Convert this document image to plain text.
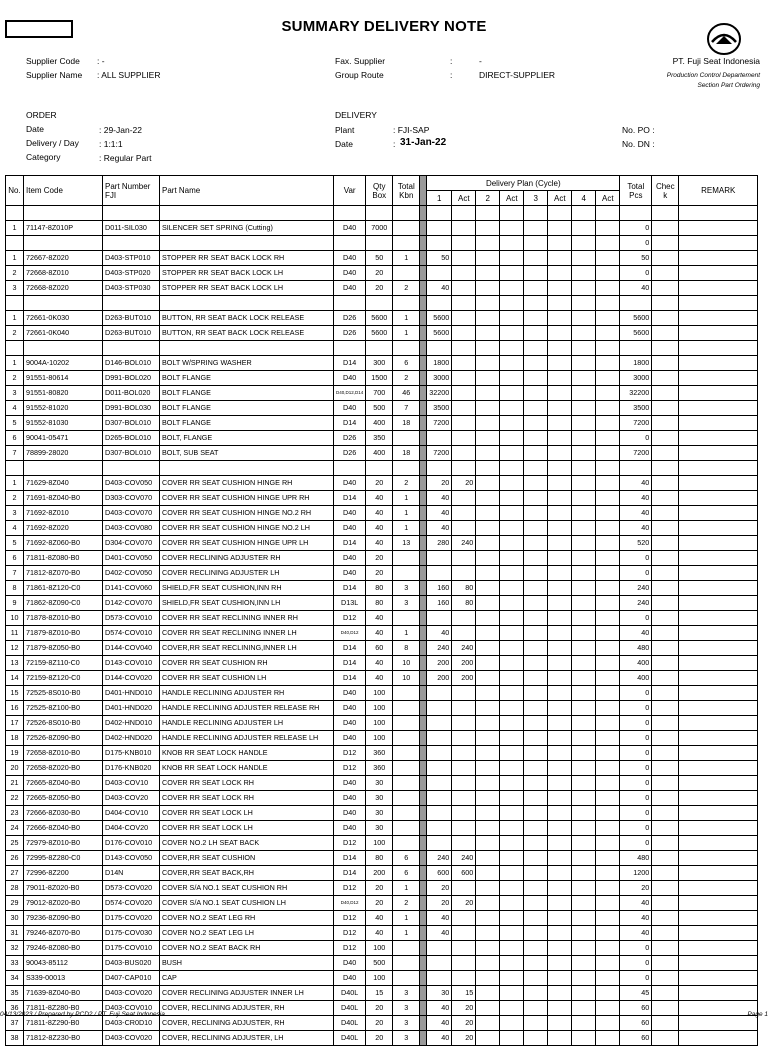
SUMMARY DELIVERY NOTE
PT. Fuji Seat Indonesia
Production Control Departement
Section Part Ordering
Supplier Code : -
Supplier Name : ALL SUPPLIER
Fax. Supplier	:	-
Group Route	:	DIRECT-SUPPLIER
ORDER
Date	: 29-Jan-22
Delivery / Day : 1:1:1
Category	: Regular Part
DELIVERY
Plant	: FJI-SAP
Date	: 31-Jan-22
No. PO :
No. DN :
No.	Item Code	Part Number FJI	Part Name	Var	Qty Box	Total Kbn		Delivery Plan (Cycle)								Total Pcs	Chec k	REMARK
								1	Act	2	Act	3	Act	4	Act			

1	71147-8Z010P	D011-SIL030	SILENCER SET SPRING (Cutting)	D40	7000											0		
																0		
1	72667-8Z020	D403-STP010	STOPPER RR SEAT BACK LOCK RH	D40	50	1		50								50		
2	72668-8Z010	D403-STP020	STOPPER RR SEAT BACK LOCK LH	D40	20											0		
3	72668-8Z020	D403-STP030	STOPPER RR SEAT BACK LOCK LH	D40	20	2		40								40		

1	72661-0K030	D263-BUT010	BUTTON, RR SEAT BACK LOCK RELEASE	D26	5600	1		5600								5600		
2	72661-0K040	D263-BUT010	BUTTON, RR SEAT BACK LOCK RELEASE	D26	5600	1		5600								5600		

1	9004A-10202	D146-BOL010	BOLT W/SPRING WASHER	D14	300	6		1800								1800		
2	91551-80614	D991-BOL020	BOLT FLANGE	D40	1500	2		3000								3000		
3	91551-80820	D011-BOL020	BOLT FLANGE	D40,D12,D14	700	46		32200								32200		
4	91552-81020	D991-BOL030	BOLT FLANGE	D40	500	7		3500								3500		
5	91552-81030	D307-BOL010	BOLT FLANGE	D14	400	18		7200								7200		
6	90041-05471	D265-BOL010	BOLT, FLANGE	D26	350											0		
7	78899-28020	D307-BOL010	BOLT, SUB SEAT	D26	400	18		7200								7200		

1	71629-8Z040	D403-COV050	COVER RR SEAT CUSHION HINGE RH	D40	20	2		20	20							40		
2	71691-8Z040-B0	D303-COV070	COVER RR SEAT CUSHION HINGE UPR RH	D14	40	1		40								40		
3	71692-8Z010	D403-COV070	COVER RR SEAT CUSHION HINGE NO.2 RH	D40	40	1		40								40		
4	71692-8Z020	D403-COV080	COVER RR SEAT CUSHION HINGE NO.2 LH	D40	40	1		40								40		
5	71692-8Z060-B0	D304-COV070	COVER RR SEAT CUSHION HINGE UPR LH	D14	40	13		280	240							520		
6	71811-8Z080-B0	D401-COV050	COVER RECLINING ADJUSTER RH	D40	20											0		
7	71812-8Z070-B0	D402-COV050	COVER RECLINING ADJUSTER LH	D40	20											0		
8	71861-8Z120-C0	D141-COV060	SHIELD,FR SEAT CUSHION,INN RH	D14	80	3		160	80							240		
9	71862-8Z090-C0	D142-COV070	SHIELD,FR SEAT CUSHION,INN LH	D13L	80	3		160	80							240		
10	71878-8Z010-B0	D573-COV010	COVER RR SEAT RECLINING INNER RH	D12	40											0		
11	71879-8Z010-B0	D574-COV010	COVER RR SEAT RECLINING INNER LH	D40,D12	40	1		40								40		
12	71879-8Z050-B0	D144-COV040	COVER,RR SEAT RECLINING,INNER LH	D14	60	8		240	240							480		
13	72159-8Z110-C0	D143-COV010	COVER RR SEAT CUSHION RH	D14	40	10		200	200							400		
14	72159-8Z120-C0	D144-COV020	COVER RR SEAT CUSHION LH	D14	40	10		200	200							400		
15	72525-8S010-B0	D401-HND010	HANDLE RECLINING ADJUSTER RH	D40	100											0		
16	72525-8Z100-B0	D401-HND020	HANDLE RECLINING ADJUSTER RELEASE RH	D40	100											0		
17	72526-8S010-B0	D402-HND010	HANDLE RECLINING ADJUSTER LH	D40	100											0		
18	72526-8Z090-B0	D402-HND020	HANDLE RECLINING ADJUSTER RELEASE LH	D40	100											0		
19	72658-8Z010-B0	D175-KNB010	KNOB RR SEAT LOCK HANDLE	D12	360											0		
20	72658-8Z020-B0	D176-KNB020	KNOB RR SEAT LOCK HANDLE	D12	360											0		
21	72665-8Z040-B0	D403-COV10	COVER RR SEAT LOCK RH	D40	30											0		
22	72665-8Z050-B0	D403-COV20	COVER RR SEAT LOCK RH	D40	30											0		
23	72666-8Z030-B0	D404-COV10	COVER RR SEAT LOCK LH	D40	30											0		
24	72666-8Z040-B0	D404-COV20	COVER RR SEAT LOCK LH	D40	30											0		
25	72979-8Z010-B0	D176-COV010	COVER NO.2 LH SEAT BACK	D12	100											0		
26	72995-8Z280-C0	D143-COV050	COVER,RR SEAT CUSHION	D14	80	6		240	240							480		
27	72996-8Z200	D14N	COVER,RR SEAT BACK,RH	D14	200	6		600	600							1200		
28	79011-8Z020-B0	D573-COV020	COVER S/A NO.1 SEAT CUSHION RH	D12	20	1		20								20		
29	79012-8Z020-B0	D574-COV020	COVER S/A NO.1 SEAT CUSHION LH	D40,D12	20	2		20	20							40		
30	79236-8Z090-B0	D175-COV020	COVER NO.2 SEAT LEG RH	D12	40	1		40								40		
31	79246-8Z070-B0	D175-COV030	COVER NO.2 SEAT LEG LH	D12	40	1		40								40		
32	79246-8Z080-B0	D175-COV010	COVER NO.2 SEAT BACK RH	D12	100											0		
33	90043-85112	D403-BUS020	BUSH	D40	500											0		
34	S339-00013	D407-CAP010	CAP	D40	100											0		
35	71639-8Z040-B0	D403-COV020	COVER RECLINING ADJUSTER INNER LH	D40L	15	3		30	15							45		
36	71811-8Z280-B0	D403-COV010	COVER, RECLINING ADJUSTER, RH	D40L	20	3		40	20							60		
37	71811-8Z290-B0	D403-CR0D10	COVER, RECLINING ADJUSTER, RH	D40L	20	3		40	20							60		
38	71812-8Z230-B0	D403-COV020	COVER, RECLINING ADJUSTER, LH	D40L	20	3		40	20							60		
04/13/2023 / Prepared by PCD2 / PT. Fuji Seat Indonesia	Page 1
